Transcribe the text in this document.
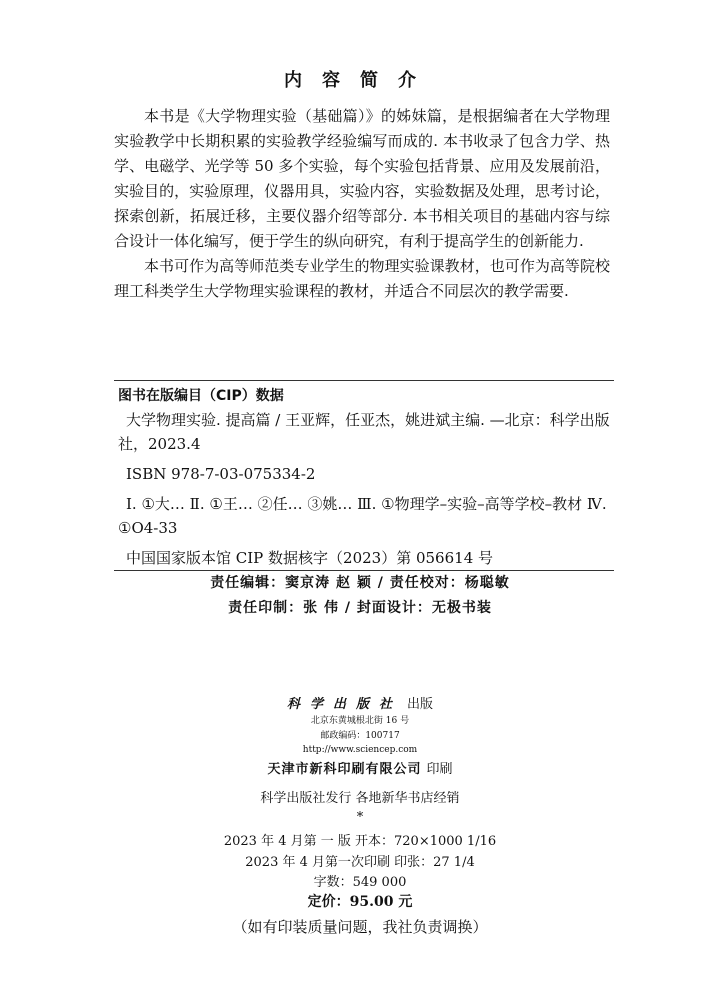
内容简介

本书是《大学物理实验（基础篇）》的姊妹篇，是根据编者在大学物理实验教学中长期积累的实验教学经验编写而成的. 本书收录了包含力学、热学、电磁学、光学等 50 多个实验，每个实验包括背景、应用及发展前沿，实验目的，实验原理，仪器用具，实验内容，实验数据及处理，思考讨论，探索创新，拓展迁移，主要仪器介绍等部分. 本书相关项目的基础内容与综合设计一体化编写，便于学生的纵向研究，有利于提高学生的创新能力.

本书可作为高等师范类专业学生的物理实验课教材，也可作为高等院校理工科类学生大学物理实验课程的教材，并适合不同层次的教学需要.

图书在版编目（CIP）数据

大学物理实验. 提高篇 / 王亚辉，任亚杰，姚进斌主编. —北京：科学出版社，2023.4

ISBN 978-7-03-075334-2

Ⅰ. ①大… Ⅱ. ①王… ②任… ③姚… Ⅲ. ①物理学–实验–高等学校–教材 Ⅳ. ①O4-33

中国国家版本馆 CIP 数据核字（2023）第 056614 号

责任编辑：窦京涛 赵 颖 / 责任校对：杨聪敏
责任印制：张 伟 / 封面设计：无极书装
科学出版社 出版
北京东黄城根北街 16 号
邮政编码：100717
http://www.sciencep.com
天津市新科印刷有限公司 印刷
科学出版社发行 各地新华书店经销
*
2023 年 4 月第 一 版 开本：720×1000 1/16
2023 年 4 月第一次印刷 印张：27 1/4
字数：549 000
定价：95.00 元
（如有印装质量问题，我社负责调换）
